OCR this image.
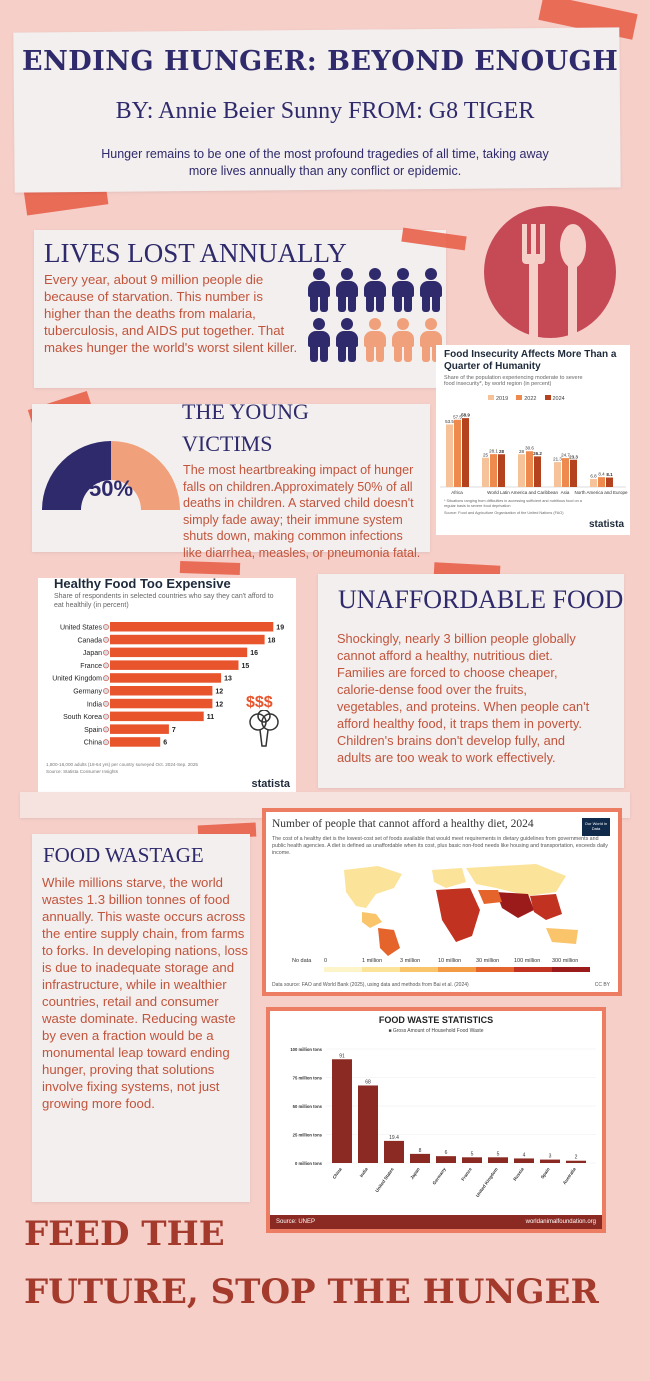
ENDING HUNGER: BEYOND ENOUGH
BY: Annie Beier Sunny FROM: G8 TIGER
Hunger remains to be one of the most profound tragedies of all time, taking away more lives annually than any conflict or epidemic.
LIVES LOST ANNUALLY
Every year, about 9 million people die because of starvation. This number is higher than the deaths from malaria, tuberculosis, and AIDS put together. That makes hunger the world's worst silent killer.
THE YOUNG
VICTIMS
50%
The most heartbreaking impact of hunger falls on children.Approximately 50% of all deaths in children. A starved child doesn't simply fade away; their immune system shuts down, making common infections like diarrhea, measles, or pneumonia fatal.
Food Insecurity Affects More Than a Quarter of Humanity
Share of the population experiencing moderate to severe food insecurity*, by world region (in percent)
2019	2022	2024
53.5
57.5 58.9
Africa
25
28.1 28
World
28
30.6
26.2
Latin America and Caribbean
21.3
24.7 23.3
Asia
6.8 8.4 8.1
North America and Europe
* Situations ranging from difficulties in accessing sufficient and nutritious food on a regular basis to severe food deprivation
Source: Food and Agriculture Organization of the United Nations (FAO)
statista
Healthy Food Too Expensive
Share of respondents in selected countries who say they can't afford to eat healthily (in percent)
United States	19
Canada	18
Japan	16
France	15
United Kingdom	13
Germany	12
India	12
South Korea	11
Spain	7
China	6
$$$
1,800-18,000 adults (18-64 yrs) per country surveyed Oct. 2024-Sep. 2025
Source: Statista Consumer Insights
statista
UNAFFORDABLE FOOD
Shockingly, nearly 3 billion people globally cannot afford a healthy, nutritious diet. Families are forced to choose cheaper, calorie-dense food over the fruits, vegetables, and proteins. When people can't afford healthy food, it traps them in poverty. Children's brains don't develop fully, and adults are too weak to work effectively.
FOOD WASTAGE
While millions starve, the world wastes 1.3 billion tonnes of food annually. This waste occurs across the entire supply chain, from farms to forks. In developing nations, loss is due to inadequate storage and infrastructure, while in wealthier countries, retail and consumer waste dominate. Reducing waste by even a fraction would be a monumental leap toward ending hunger, proving that solutions involve fixing systems, not just growing more food.
Number of people that cannot afford a healthy diet, 2024	Our World in Data
The cost of a healthy diet is the lowest-cost set of foods available that would meet requirements in dietary guidelines from governments and public health agencies. A diet is defined as unaffordable when its cost, plus basic non-food needs like housing and transportation, exceeds daily income.
No data 0	1 million	3 million	10 million	30 million	100 million 300 million
Data source: FAO and World Bank (2025), using data and methods from Bai et al. (2024)	CC BY
FOOD WASTE STATISTICS
■ Gross Amount of Household Food Waste
0 million tons
25 million tons
50 million tons
75 million tons
100 million tons
91
China
68
India
19.4
United States
8
Japan
6
Germany
5
France
5
United Kingdom
4
Russia
3
Spain
2
Australia
Source: UNEP	worldanimalfoundation.org
FEED THE
FUTURE, STOP THE HUNGER
